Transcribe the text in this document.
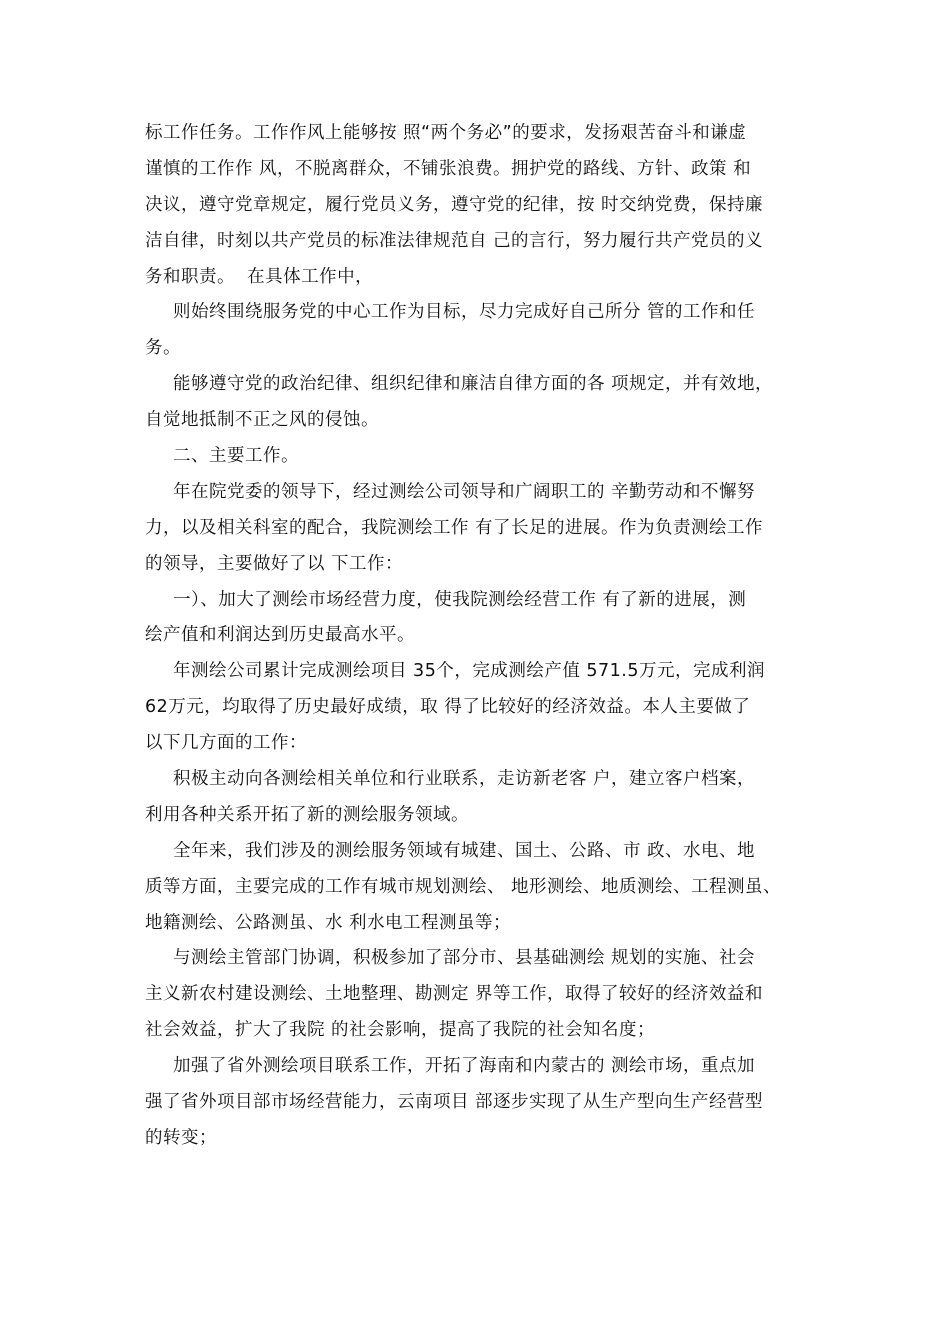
标工作任务。工作作风上能够按 照“两个务必”的要求，发扬艰苦奋斗和谦虚
谨慎的工作作 风，不脱离群众，不铺张浪费。拥护党的路线、方针、政策 和
决议，遵守党章规定，履行党员义务，遵守党的纪律，按 时交纳党费，保持廉
洁自律，时刻以共产党员的标准法律规范自 己的言行，努力履行共产党员的义
务和职责。  在具体工作中，
则始终围绕服务党的中心工作为目标，尽力完成好自己所分 管的工作和任
务。
能够遵守党的政治纪律、组织纪律和廉洁自律方面的各 项规定，并有效地，
自觉地抵制不正之风的侵蚀。
二、主要工作。
年在院党委的领导下，经过测绘公司领导和广阔职工的 辛勤劳动和不懈努
力，以及相关科室的配合，我院测绘工作 有了长足的进展。作为负责测绘工作
的领导，主要做好了以 下工作：
一）、加大了测绘市场经营力度，使我院测绘经营工作 有了新的进展，测
绘产值和利润达到历史最高水平。
年测绘公司累计完成测绘项目 35个，完成测绘产值 571.5万元，完成利润
62万元，均取得了历史最好成绩，取 得了比较好的经济效益。本人主要做了
以下几方面的工作：
积极主动向各测绘相关单位和行业联系，走访新老客 户，建立客户档案，
利用各种关系开拓了新的测绘服务领域。
全年来，我们涉及的测绘服务领域有城建、国土、公路、市 政、水电、地
质等方面，主要完成的工作有城市规划测绘、 地形测绘、地质测绘、工程测虽、
地籍测绘、公路测虽、水 利水电工程测虽等；
与测绘主管部门协调，积极参加了部分市、县基础测绘 规划的实施、社会
主义新农村建设测绘、土地整理、勘测定 界等工作，取得了较好的经济效益和
社会效益，扩大了我院 的社会影响，提高了我院的社会知名度；
加强了省外测绘项目联系工作，开拓了海南和内蒙古的 测绘市场，重点加
强了省外项目部市场经营能力，云南项目 部逐步实现了从生产型向生产经营型
的转变；
